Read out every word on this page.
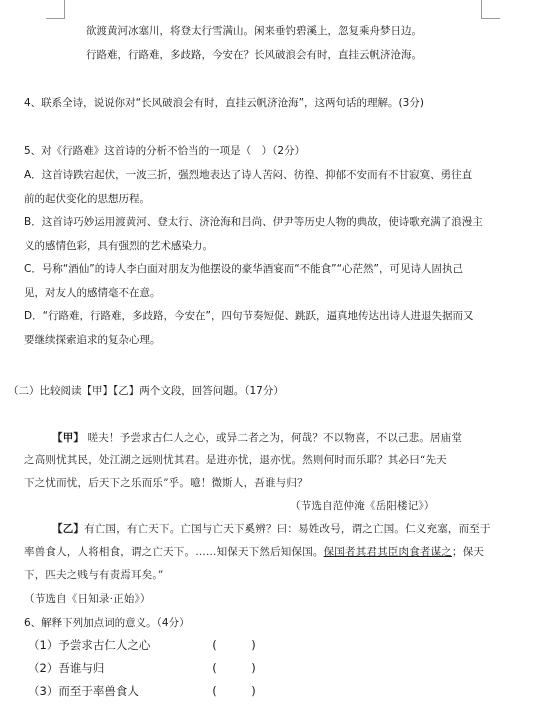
欲渡黄河冰塞川，将登太行雪满山。闲来垂钓碧溪上，忽复乘舟梦日边。
行路难，行路难，多歧路，今安在？长风破浪会有时，直挂云帆济沧海。
4、联系全诗，说说你对“长风破浪会有时，直挂云帆济沧海”，这两句话的理解。(3分)
5、对《行路难》这首诗的分析不恰当的一项是（　）（2分）
A．这首诗跌宕起伏，一波三折，强烈地表达了诗人苦闷、彷徨、抑郁不安而有不甘寂寞、勇往直
前的起伏变化的思想历程。
B．这首诗巧妙运用渡黄河、登太行、济沧海和吕尚、伊尹等历史人物的典故，使诗歌充满了浪漫主
义的感情色彩，具有强烈的艺术感染力。
C．号称“酒仙”的诗人李白面对朋友为他摆设的豪华酒宴而“不能食”“心茫然”，可见诗人固执己
见，对友人的感情毫不在意。
D．“行路难，行路难，多歧路，今安在”，四句节奏短促、跳跃，逼真地传达出诗人进退失据而又
要继续探索追求的复杂心理。
（二）比较阅读【甲】【乙】两个文段，回答问题。（17分）
【甲】 嗟夫！予尝求古仁人之心，或异二者之为，何哉？不以物喜，不以己悲。居庙堂
之高则忧其民，处江湖之远则忧其君。是进亦忧，退亦忧。然则何时而乐耶？其必曰“先天
下之忧而忧，后天下之乐而乐”乎。噫！微斯人，吾谁与归？
（节选自范仲淹《岳阳楼记》）
【乙】有亡国，有亡天下。亡国与亡天下奚辨？曰：易姓改号，谓之亡国。仁义充塞，而至于
率兽食人，人将相食，谓之亡天下。……知保天下然后知保国。保国者其君其臣肉食者谋之；保天
下，匹夫之贱与有责焉耳矣。”
（节选自《日知录·正始》）
6、解释下列加点词的意义。（4分）
（1）予尝求古仁人之心	(　　　)
（2）吾谁与归	(　　　)
（3）而至于率兽食人	(　　　)
